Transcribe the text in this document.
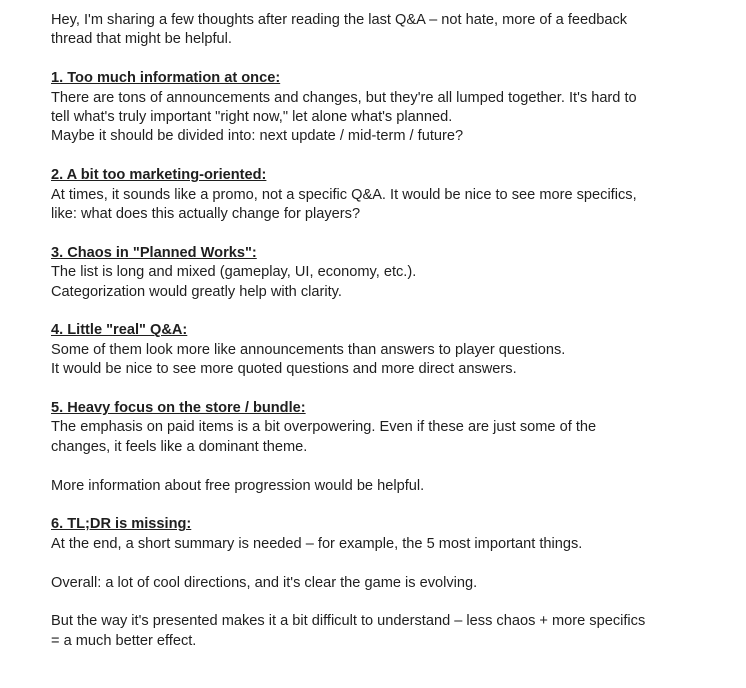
Hey, I'm sharing a few thoughts after reading the last Q&A – not hate, more of a feedback
thread that might be helpful.

1. Too much information at once:
There are tons of announcements and changes, but they're all lumped together. It's hard to
tell what's truly important "right now," let alone what's planned.
Maybe it should be divided into: next update / mid-term / future?

2. A bit too marketing-oriented:
At times, it sounds like a promo, not a specific Q&A. It would be nice to see more specifics,
like: what does this actually change for players?

3. Chaos in "Planned Works":
The list is long and mixed (gameplay, UI, economy, etc.).
Categorization would greatly help with clarity.

4. Little "real" Q&A:
Some of them look more like announcements than answers to player questions.
It would be nice to see more quoted questions and more direct answers.

5. Heavy focus on the store / bundle:
The emphasis on paid items is a bit overpowering. Even if these are just some of the
changes, it feels like a dominant theme.

More information about free progression would be helpful.

6. TL;DR is missing:
At the end, a short summary is needed – for example, the 5 most important things.

Overall: a lot of cool directions, and it's clear the game is evolving.

But the way it's presented makes it a bit difficult to understand – less chaos + more specifics
= a much better effect.
